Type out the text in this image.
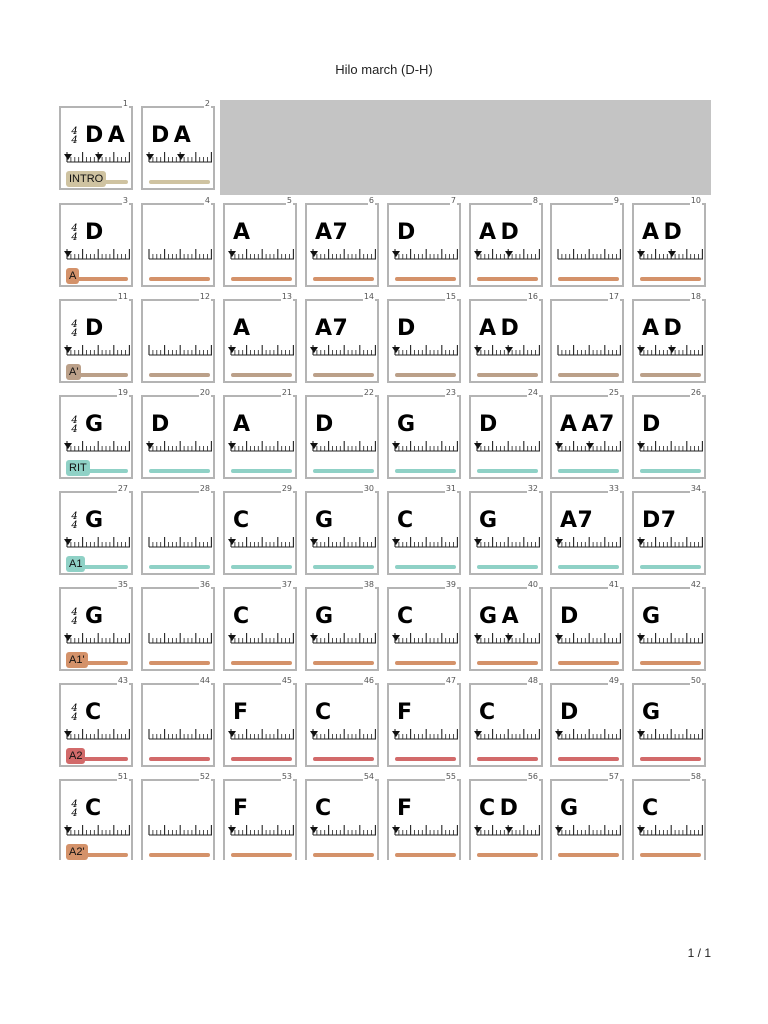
Hilo march (D-H)
1
4
4 D A
INTRO
2
D A
3
4
4 D
A
4	5
A
6
A7
7
D
8
A D
9	10
A D
11
4
4 D
A'
12	13
A
14
A7
15
D
16
A D
17	18
A D
19
4
4 G
RIT
20
D
21
A
22
D
23
G
24
D
25
A A7
26
D
27
4
4 G
A1
28	29
C
30
G
31
C
32
G
33
A7
34
D7
35
4
4 G
A1'
36	37
C
38
G
39
C
40
G A
41
D
42
G
43
4
4 C
A2
44	45
F
46
C
47
F
48
C
49
D
50
G
51
4
4 C
A2'
52	53
F
54
C
55
F
56
C D
57
G
58
C
1 / 1
